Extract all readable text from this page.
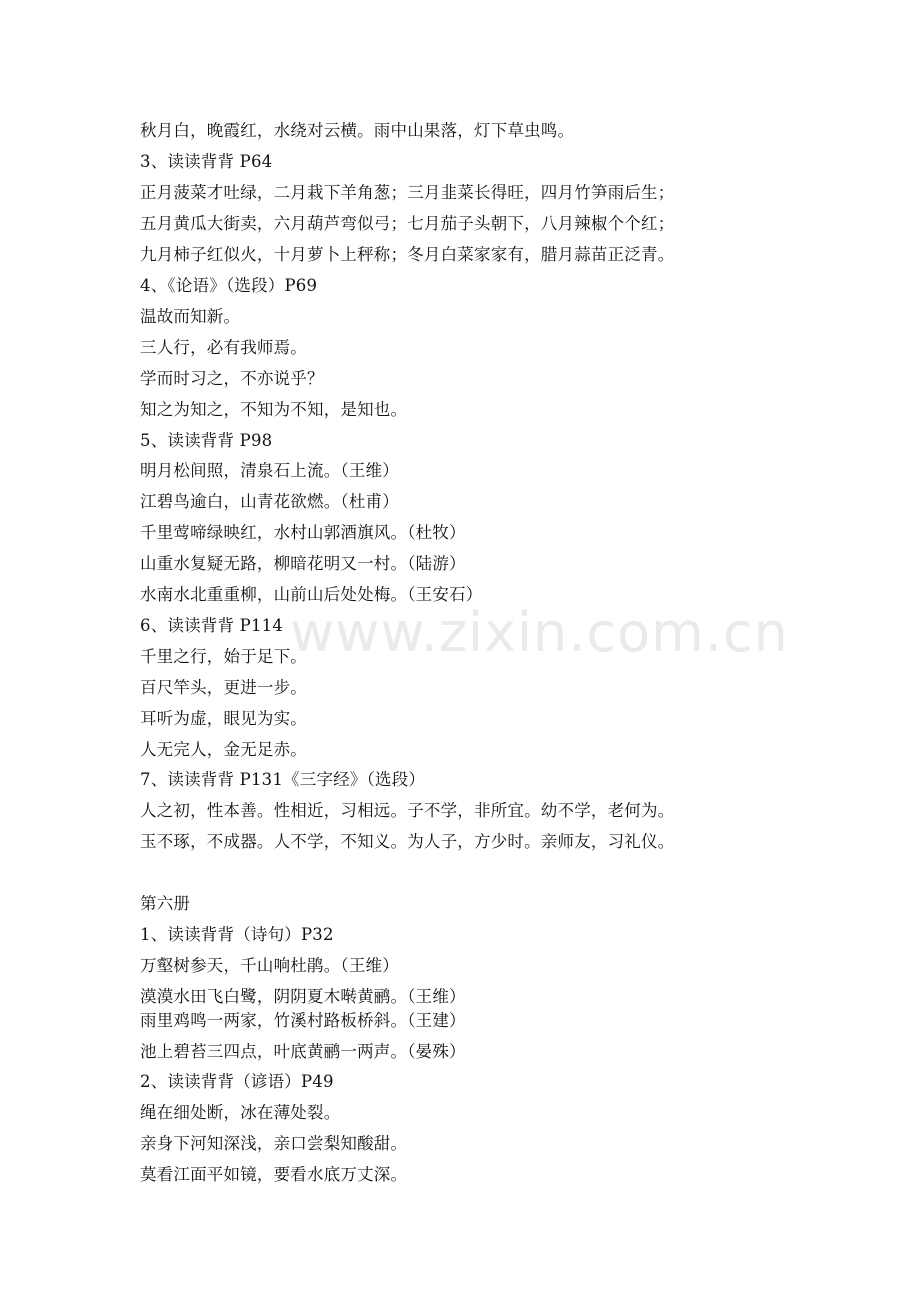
秋月白，晚霞红，水绕对云横。雨中山果落，灯下草虫鸣。
3、读读背背 P64
正月菠菜才吐绿，二月栽下羊角葱；三月韭菜长得旺，四月竹笋雨后生；
五月黄瓜大街卖，六月葫芦弯似弓；七月茄子头朝下，八月辣椒个个红；
九月柿子红似火，十月萝卜上秤称；冬月白菜家家有，腊月蒜苗正泛青。
4、《论语》（选段）P69
温故而知新。
三人行，必有我师焉。
学而时习之，不亦说乎？
知之为知之，不知为不知，是知也。
5、读读背背 P98
明月松间照，清泉石上流。（王维）
江碧鸟逾白，山青花欲燃。（杜甫）
千里莺啼绿映红，水村山郭酒旗风。（杜牧）
山重水复疑无路，柳暗花明又一村。（陆游）
水南水北重重柳，山前山后处处梅。（王安石）
6、读读背背 P114
千里之行，始于足下。
百尺竿头，更进一步。
耳听为虚，眼见为实。
人无完人，金无足赤。
7、读读背背 P131《三字经》（选段）
人之初，性本善。性相近，习相远。子不学，非所宜。幼不学，老何为。
玉不琢，不成器。人不学，不知义。为人子，方少时。亲师友，习礼仪。
第六册
1、读读背背（诗句）P32
万壑树参天，千山响杜鹃。（王维）
漠漠水田飞白鹭，阴阴夏木啭黄鹂。（王维）
雨里鸡鸣一两家，竹溪村路板桥斜。（王建）
池上碧苔三四点，叶底黄鹂一两声。（晏殊）
2、读读背背（谚语）P49
绳在细处断，冰在薄处裂。
亲身下河知深浅，亲口尝梨知酸甜。
莫看江面平如镜，要看水底万丈深。
www.zixin.com.cn
